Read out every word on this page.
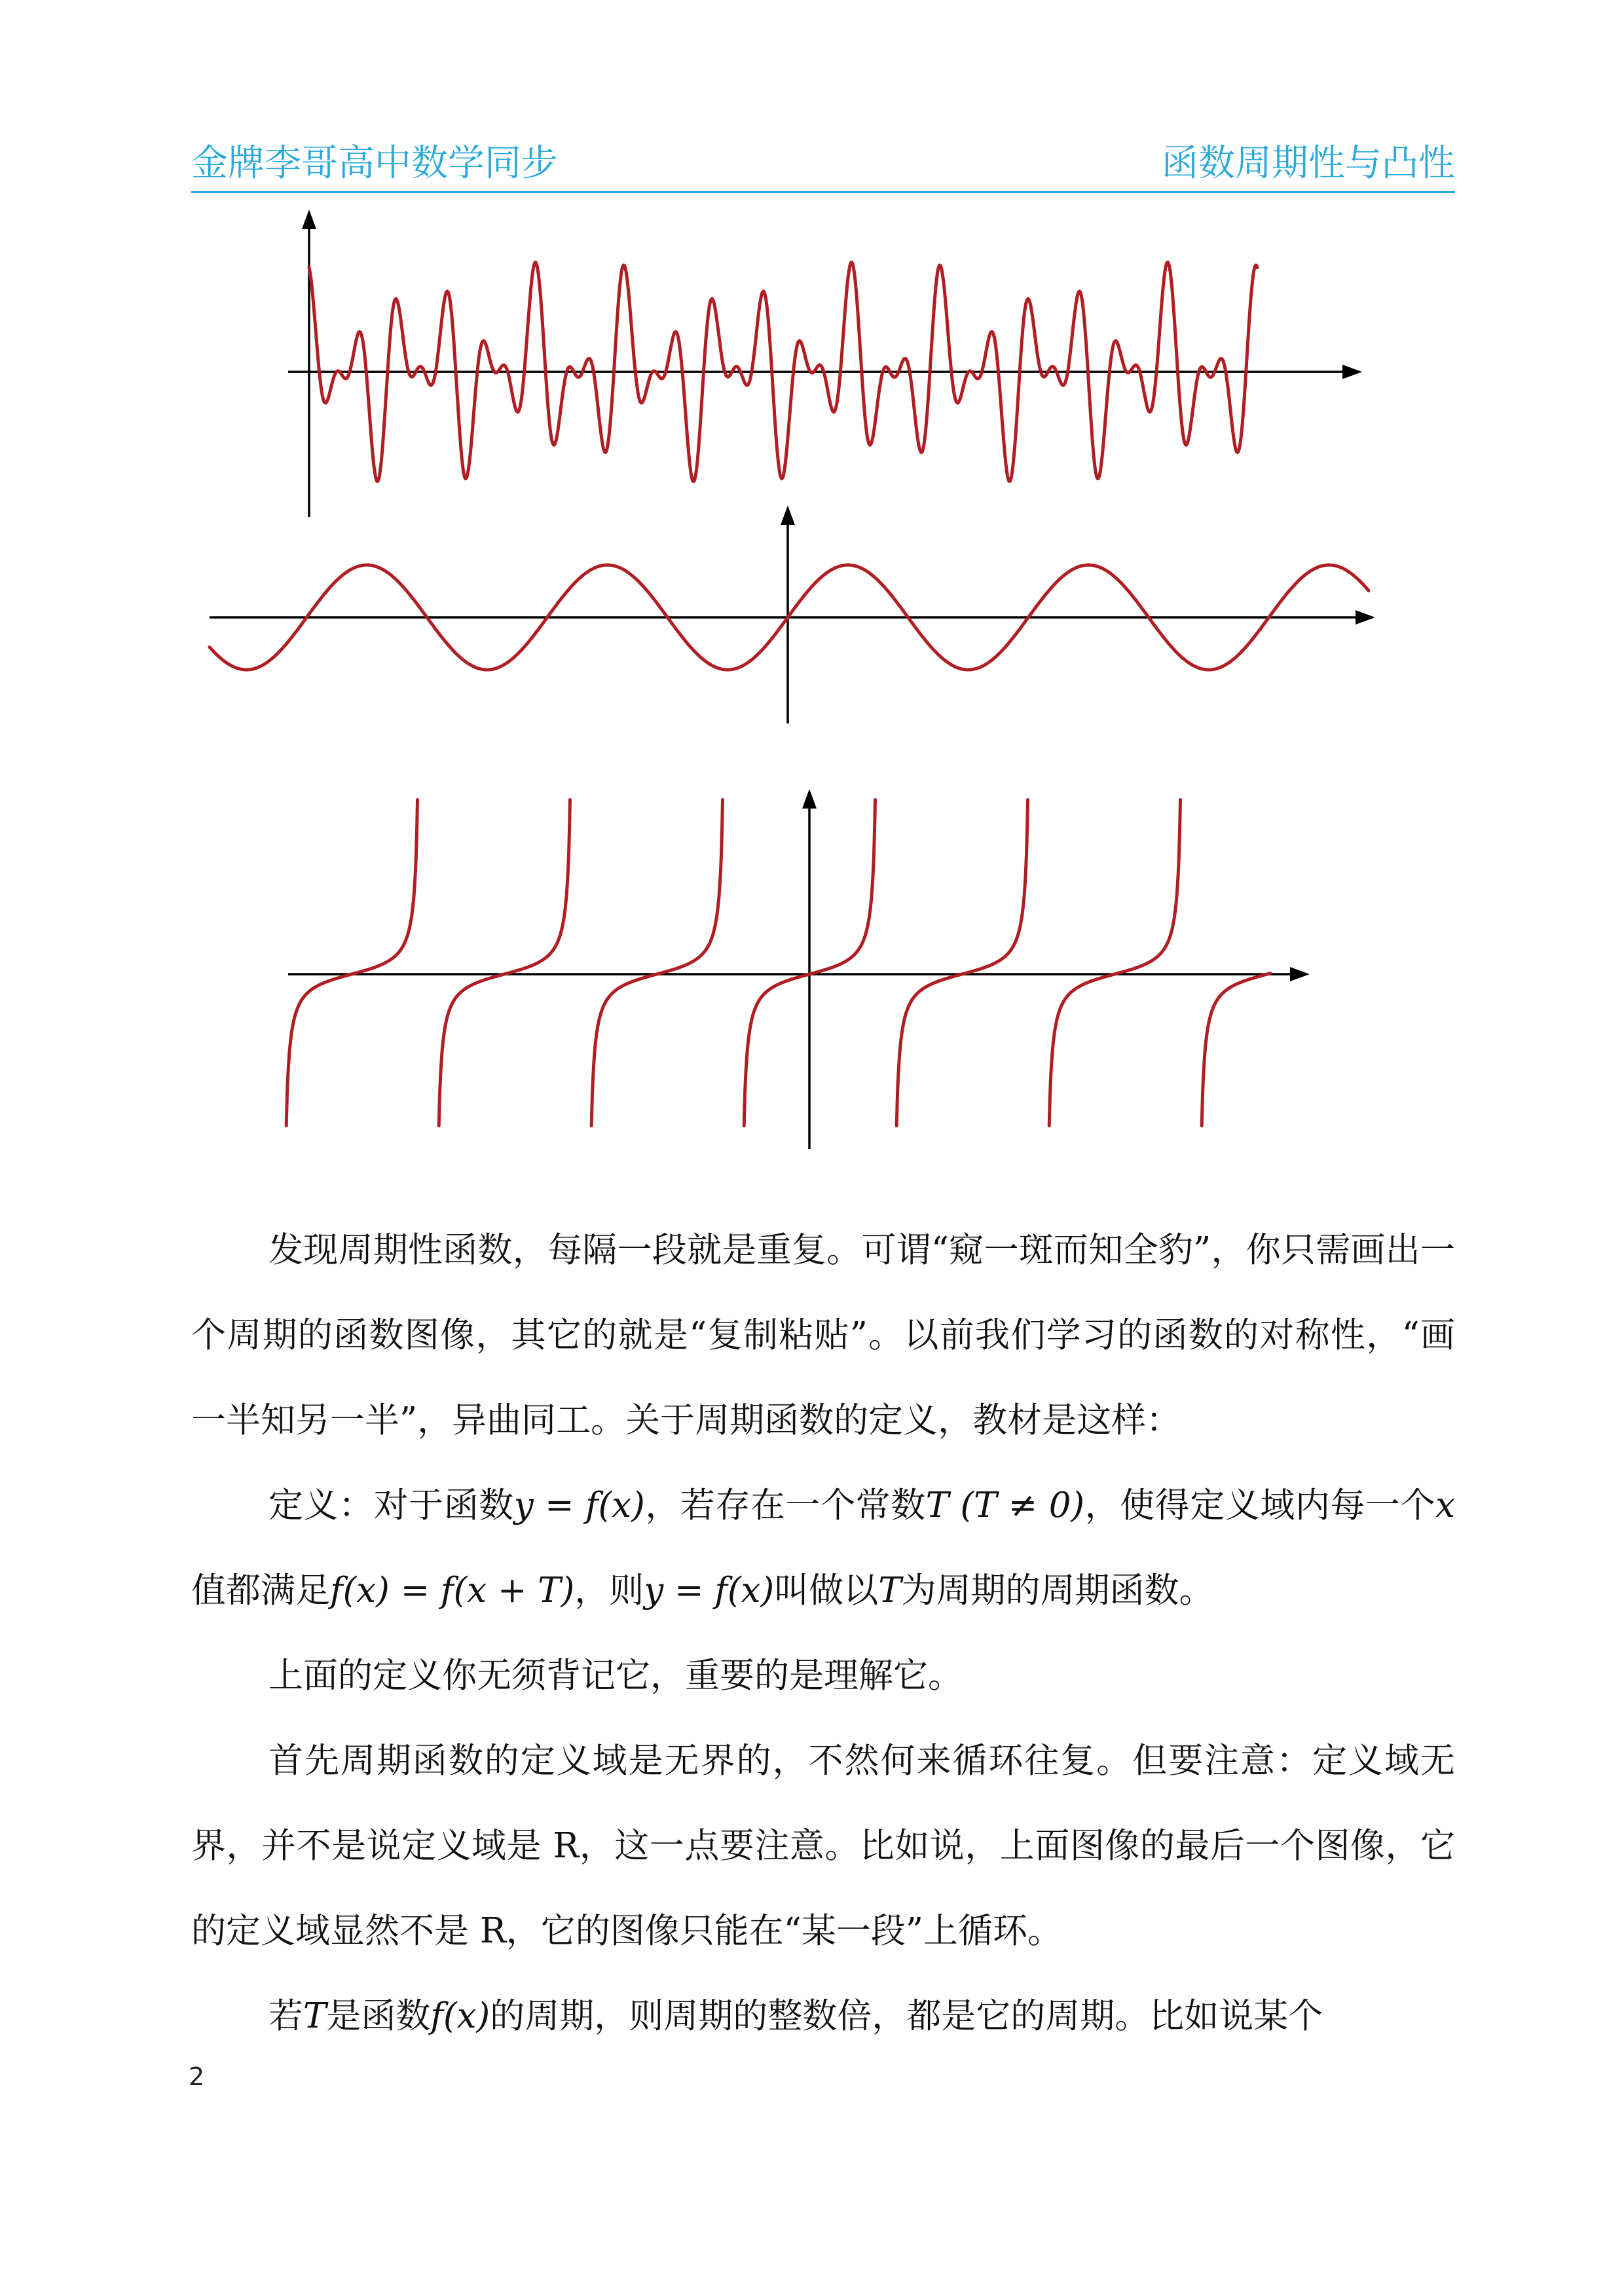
金牌李哥高中数学同步	函数周期性与凸性

发现周期性函数，每隔一段就是重复。可谓“窥一斑而知全豹”，你只需画出一个周期的函数图像，其它的就是“复制粘贴”。以前我们学习的函数的对称性，“画一半知另一半”，异曲同工。关于周期函数的定义，教材是这样：

定义：对于函数y = f(x)，若存在一个常数T (T ≠ 0)，使得定义域内每一个x值都满足f(x) = f(x + T)，则y = f(x)叫做以T为周期的周期函数。

上面的定义你无须背记它，重要的是理解它。

首先周期函数的定义域是无界的，不然何来循环往复。但要注意：定义域无界，并不是说定义域是 R，这一点要注意。比如说，上面图像的最后一个图像，它的定义域显然不是 R，它的图像只能在“某一段”上循环。

若T是函数f(x)的周期，则周期的整数倍，都是它的周期。比如说某个

2
